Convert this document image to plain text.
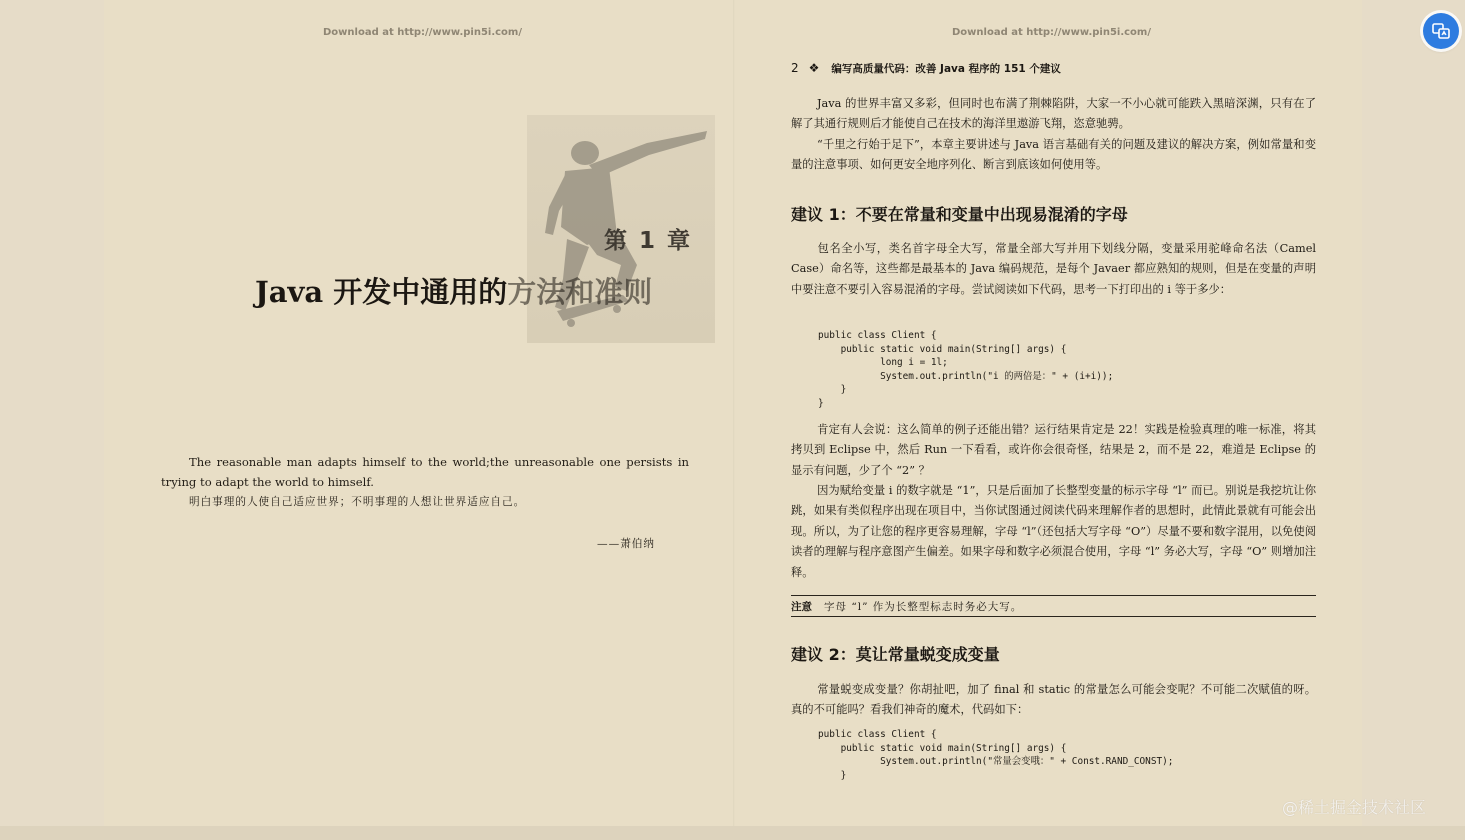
Download at http://www.pin5i.com/	Download at http://www.pin5i.com/
第 1 章
Java 开发中通用的方法和准则
The reasonable man adapts himself to the world;the unreasonable one persists in trying to adapt the world to himself.
明白事理的人使自己适应世界；不明事理的人想让世界适应自己。
——萧伯纳
2 ❖ 编写高质量代码：改善 Java 程序的 151 个建议

Java 的世界丰富又多彩，但同时也布满了荆棘陷阱，大家一不小心就可能跌入黑暗深渊，只有在了解了其通行规则后才能使自己在技术的海洋里遨游飞翔，恣意驰骋。

“千里之行始于足下”，本章主要讲述与 Java 语言基础有关的问题及建议的解决方案，例如常量和变量的注意事项、如何更安全地序列化、断言到底该如何使用等。

建议 1：不要在常量和变量中出现易混淆的字母

包名全小写，类名首字母全大写，常量全部大写并用下划线分隔，变量采用驼峰命名法（Camel Case）命名等，这些都是最基本的 Java 编码规范，是每个 Javaer 都应熟知的规则，但是在变量的声明中要注意不要引入容易混淆的字母。尝试阅读如下代码，思考一下打印出的 i 等于多少：

public class Client {
public static void main(String[] args) {
long i = 1l;
System.out.println("i 的两倍是：" + (i+i));
}
}

肯定有人会说：这么简单的例子还能出错？运行结果肯定是 22！实践是检验真理的唯一标准，将其拷贝到 Eclipse 中，然后 Run 一下看看，或许你会很奇怪，结果是 2，而不是 22，难道是 Eclipse 的显示有问题，少了个 “2” ？

因为赋给变量 i 的数字就是 “1”，只是后面加了长整型变量的标示字母 “l” 而已。别说是我挖坑让你跳，如果有类似程序出现在项目中，当你试图通过阅读代码来理解作者的思想时，此情此景就有可能会出现。所以，为了让您的程序更容易理解，字母 “l”（还包括大写字母 “O”）尽量不要和数字混用，以免使阅读者的理解与程序意图产生偏差。如果字母和数字必须混合使用，字母 “l” 务必大写，字母 “O” 则增加注释。

注意 字母 “l” 作为长整型标志时务必大写。
建议 2：莫让常量蜕变成变量

常量蜕变成变量？你胡扯吧，加了 final 和 static 的常量怎么可能会变呢？不可能二次赋值的呀。真的不可能吗？看我们神奇的魔术，代码如下：

public class Client {
public static void main(String[] args) {
System.out.println("常量会变哦：" + Const.RAND_CONST);
}
@稀土掘金技术社区
